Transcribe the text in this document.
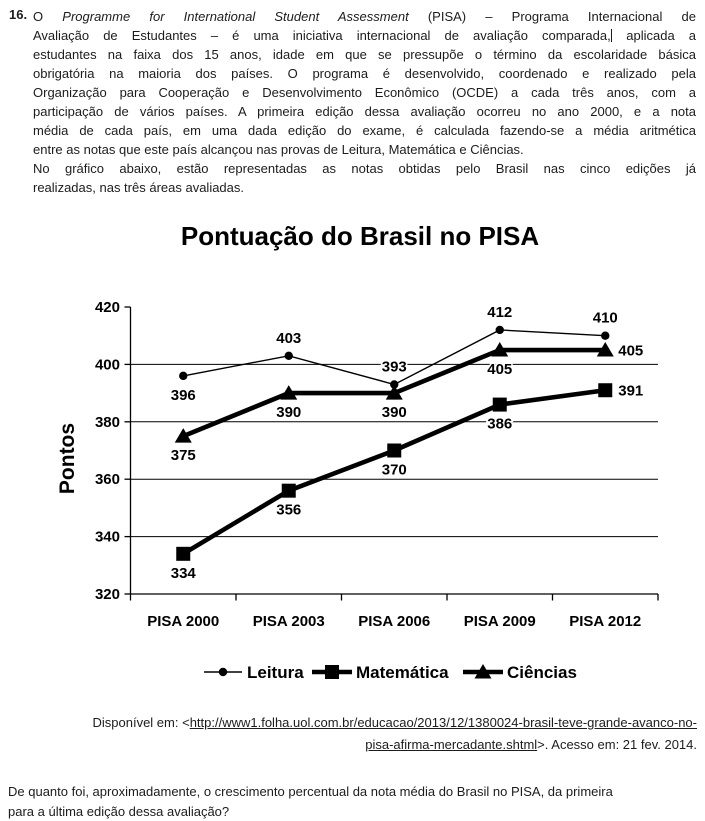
16. O Programme for International Student Assessment (PISA) – Programa Internacional de
Avaliação de Estudantes – é uma iniciativa internacional de avaliação comparada, aplicada a
estudantes na faixa dos 15 anos, idade em que se pressupõe o término da escolaridade básica
obrigatória na maioria dos países. O programa é desenvolvido, coordenado e realizado pela
Organização para Cooperação e Desenvolvimento Econômico (OCDE) a cada três anos, com a
participação de vários países. A primeira edição dessa avaliação ocorreu no ano 2000, e a nota
média de cada país, em uma dada edição do exame, é calculada fazendo-se a média aritmética
entre as notas que este país alcançou nas provas de Leitura, Matemática e Ciências.
No gráfico abaixo, estão representadas as notas obtidas pelo Brasil nas cinco edições já
realizadas, nas três áreas avaliadas.
Pontuação do Brasil no PISA
320
340
360
380
400
420
PISA 2000 PISA 2003 PISA 2006 PISA 2009 PISA 2012
Pontos
396
403
393
412	410
334
356
370
386
391
375
390	390
405
405
Leitura	Matemática	Ciências
Disponível em: <http://www1.folha.uol.com.br/educacao/2013/12/1380024-brasil-teve-grande-avanco-no-
pisa-afirma-mercadante.shtml>. Acesso em: 21 fev. 2014.
De quanto foi, aproximadamente, o crescimento percentual da nota média do Brasil no PISA, da primeira
para a última edição dessa avaliação?
